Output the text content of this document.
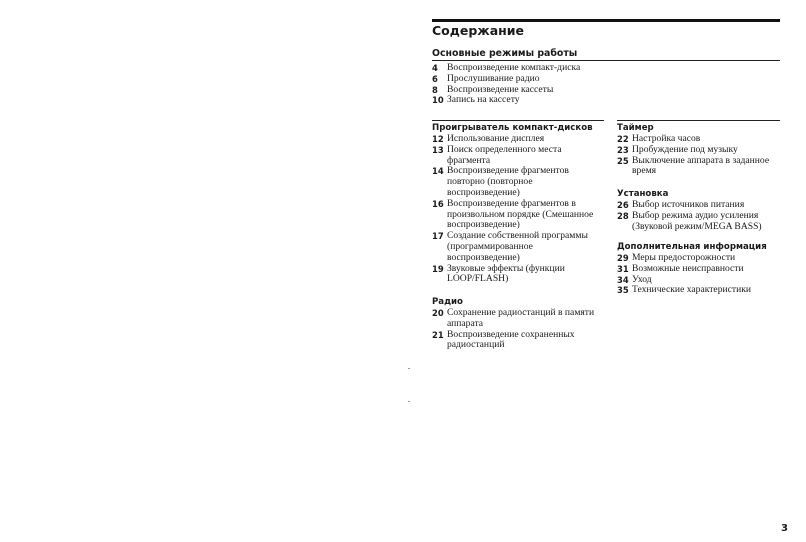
Содержание
Основные режимы работы
4 Воспроизведение компакт-диска
6 Прослушивание радио
8 Воспроизведение кассеты
10 Запись на кассету
Проигрыватель компакт-дисков
12 Использование дисплея
13 Поиск определенного места фрагмента
14 Воспроизведение фрагментов повторно (повторное воспроизведение)
16 Воспроизведение фрагментов в произвольном порядке (Смешанное воспроизведение)
17 Создание собственной программы (программированное воспроизведение)
19 Звуковые эффекты (функции LOOP/FLASH)
Радио
20 Сохранение радиостанций в памяти аппарата
21 Воспроизведение сохраненных радиостанций
Таймер
22 Настройка часов
23 Пробуждение под музыку
25 Выключение аппарата в заданное время
Установка
26 Выбор источников питания
28 Выбор режима аудио усиления (Звуковой режим/MEGA BASS)
Дополнительная информация
29 Меры предосторожности
31 Возможные неисправности
34 Уход
35 Технические характеристики
3
